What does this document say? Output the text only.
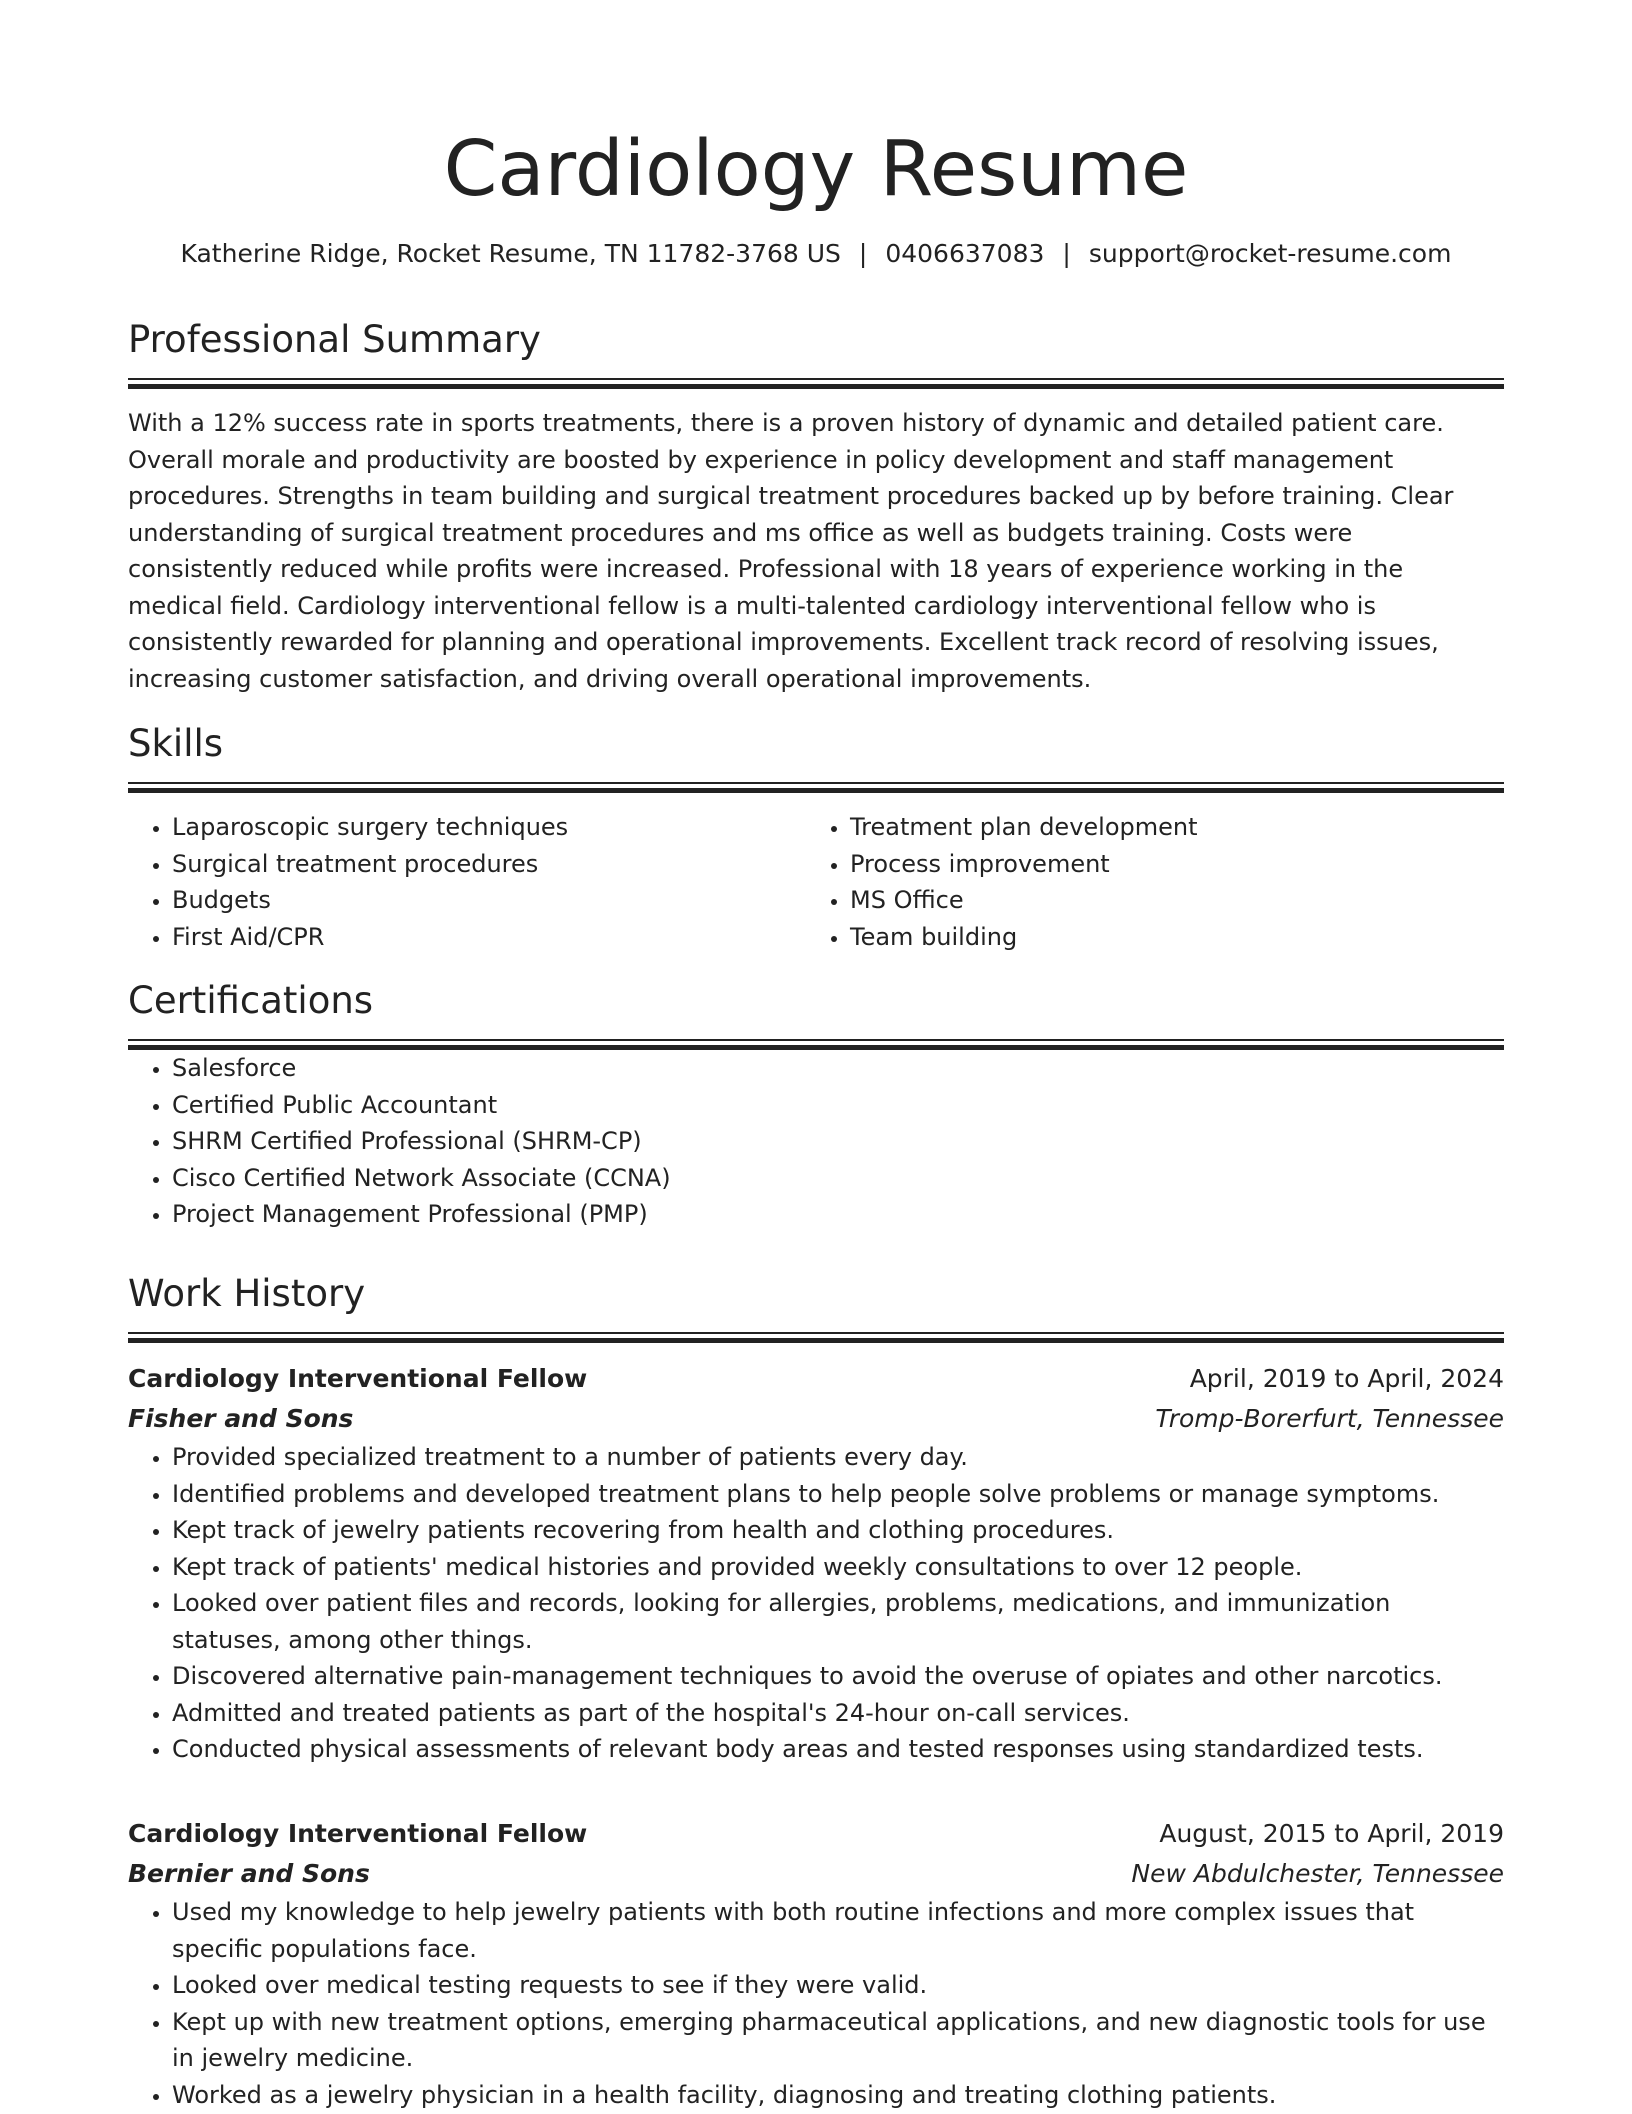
Cardiology Resume
Katherine Ridge, Rocket Resume, TN 11782-3768 US | 0406637083 | support@rocket-resume.com
Professional Summary

With a 12% success rate in sports treatments, there is a proven history of dynamic and detailed patient care. Overall morale and productivity are boosted by experience in policy development and staff management procedures. Strengths in team building and surgical treatment procedures backed up by before training. Clear understanding of surgical treatment procedures and ms office as well as budgets training. Costs were consistently reduced while profits were increased. Professional with 18 years of experience working in the medical field. Cardiology interventional fellow is a multi-talented cardiology interventional fellow who is consistently rewarded for planning and operational improvements. Excellent track record of resolving issues, increasing customer satisfaction, and driving overall operational improvements.

Skills
• Laparoscopic surgery techniques
• Surgical treatment procedures
• Budgets
• First Aid/CPR
• Treatment plan development
• Process improvement
• MS Office
• Team building
Certifications
• Salesforce
• Certified Public Accountant
• SHRM Certified Professional (SHRM-CP)
• Cisco Certified Network Associate (CCNA)
• Project Management Professional (PMP)
Work History
Cardiology Interventional Fellow	April, 2019 to April, 2024
Fisher and Sons	Tromp-Borerfurt, Tennessee
• Provided specialized treatment to a number of patients every day.
• Identified problems and developed treatment plans to help people solve problems or manage symptoms.
• Kept track of jewelry patients recovering from health and clothing procedures.
• Kept track of patients' medical histories and provided weekly consultations to over 12 people.
• Looked over patient files and records, looking for allergies, problems, medications, and immunization statuses, among other things.
• Discovered alternative pain-management techniques to avoid the overuse of opiates and other narcotics.
• Admitted and treated patients as part of the hospital's 24-hour on-call services.
• Conducted physical assessments of relevant body areas and tested responses using standardized tests.
Cardiology Interventional Fellow	August, 2015 to April, 2019
Bernier and Sons	New Abdulchester, Tennessee
• Used my knowledge to help jewelry patients with both routine infections and more complex issues that specific populations face.
• Looked over medical testing requests to see if they were valid.
• Kept up with new treatment options, emerging pharmaceutical applications, and new diagnostic tools for use in jewelry medicine.
• Worked as a jewelry physician in a health facility, diagnosing and treating clothing patients.
